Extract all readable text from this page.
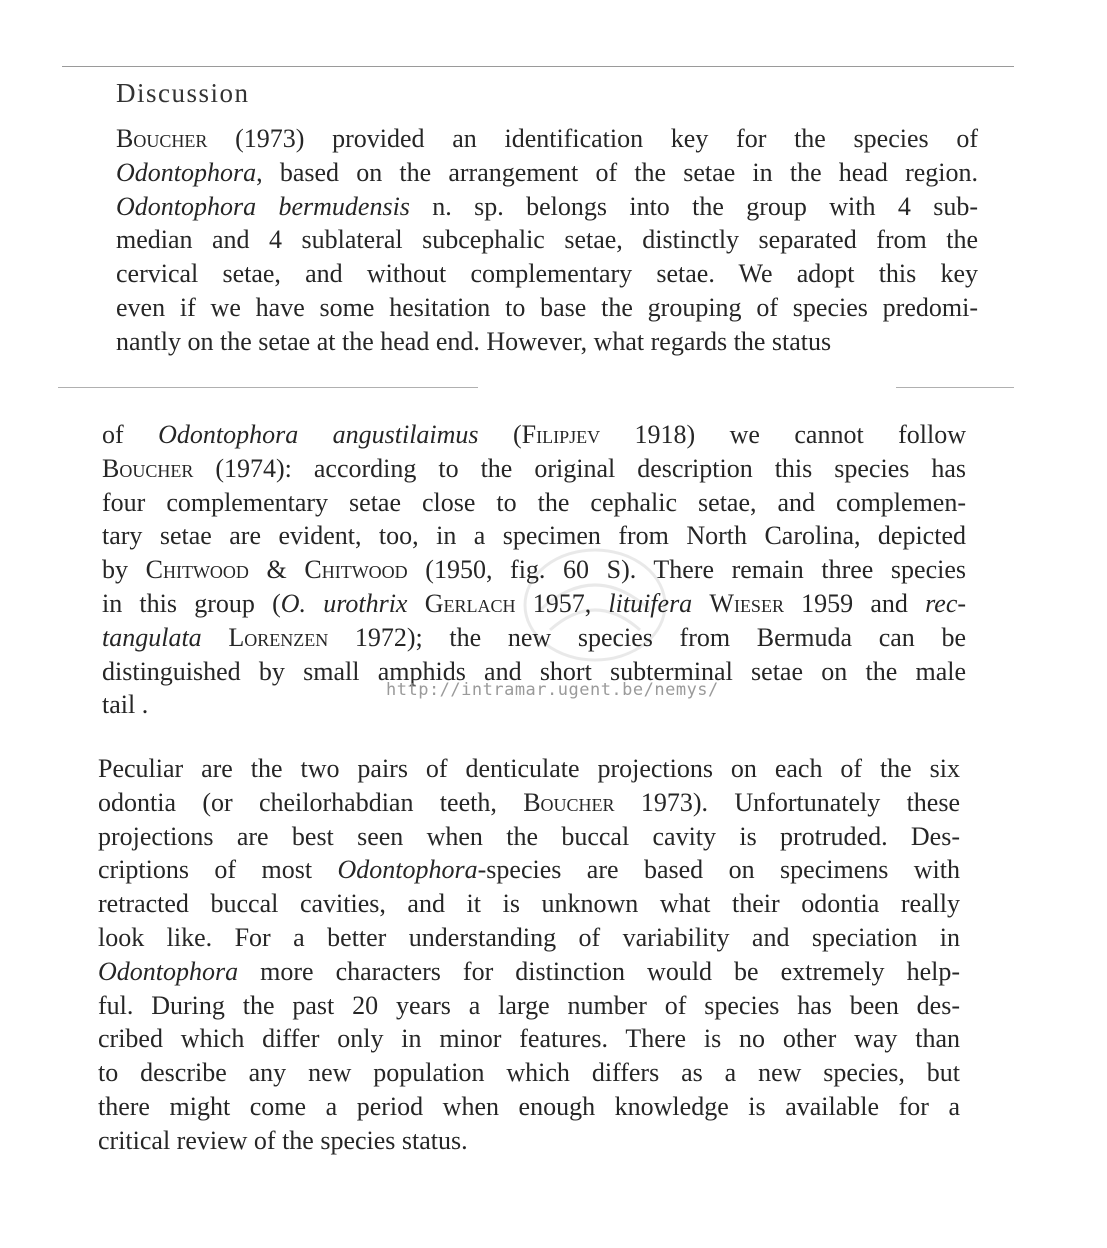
Discussion
Boucher (1973) provided an identification key for the species of
Odontophora, based on the arrangement of the setae in the head region.
Odontophora bermudensis n. sp. belongs into the group with 4 sub-
median and 4 sublateral subcephalic setae, distinctly separated from the
cervical setae, and without complementary setae. We adopt this key
even if we have some hesitation to base the grouping of species predomi-
nantly on the setae at the head end. However, what regards the status
of Odontophora angustilaimus (Filipjev 1918) we cannot follow
Boucher (1974): according to the original description this species has
four complementary setae close to the cephalic setae, and complemen-
tary setae are evident, too, in a specimen from North Carolina, depicted
by Chitwood & Chitwood (1950, fig. 60 S). There remain three species
in this group (O. urothrix Gerlach 1957, lituifera Wieser 1959 and rec-
tangulata Lorenzen 1972); the new species from Bermuda can be
distinguished by small amphids and short subterminal setae on the male
tail .
http://intramar.ugent.be/nemys/
Peculiar are the two pairs of denticulate projections on each of the six
odontia (or cheilorhabdian teeth, Boucher 1973). Unfortunately these
projections are best seen when the buccal cavity is protruded. Des-
criptions of most Odontophora-species are based on specimens with
retracted buccal cavities, and it is unknown what their odontia really
look like. For a better understanding of variability and speciation in
Odontophora more characters for distinction would be extremely help-
ful. During the past 20 years a large number of species has been des-
cribed which differ only in minor features. There is no other way than
to describe any new population which differs as a new species, but
there might come a period when enough knowledge is available for a
critical review of the species status.
